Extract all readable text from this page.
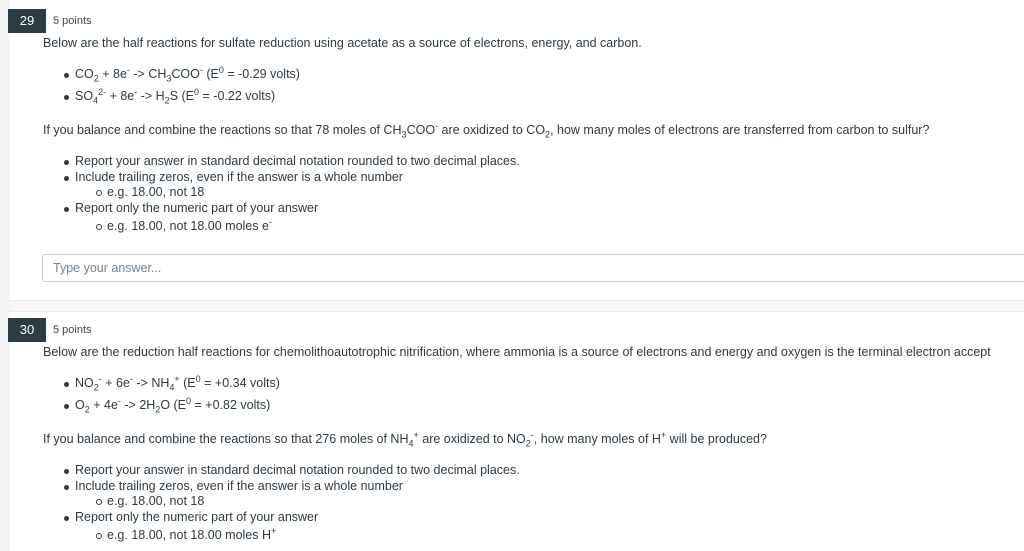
29	5 points
Below are the half reactions for sulfate reduction using acetate as a source of electrons, energy, and carbon.
$CO_2 + 8e^- -> CH_3COO^-$ ($E^0 = -0.29$ volts)
$SO_4^{2-} + 8e^- -> H_2S$ ($E^0 = -0.22$ volts)
If you balance and combine the reactions so that 78 moles of $CH_3COO^-$ are oxidized to $CO_2$, how many moles of electrons are transferred from carbon to sulfur?
Report your answer in standard decimal notation rounded to two decimal places.
Include trailing zeros, even if the answer is a whole number
e.g. 18.00, not 18
Report only the numeric part of your answer
e.g. 18.00, not 18.00 moles e-
Type your answer...
30	5 points
Below are the reduction half reactions for chemolithoautotrophic nitrification, where ammonia is a source of electrons and energy and oxygen is the terminal electron accept
$NO_2^- + 6e^- -> NH_4^+$ ($E^0 = +0.34$ volts)
$O_2 + 4e^- -> 2H_2O$ ($E^0 = +0.82$ volts)
If you balance and combine the reactions so that 276 moles of $NH_4^+$ are oxidized to $NO_2^-$, how many moles of H+ will be produced?
Report your answer in standard decimal notation rounded to two decimal places.
Include trailing zeros, even if the answer is a whole number
e.g. 18.00, not 18
Report only the numeric part of your answer
e.g. 18.00, not 18.00 moles H+
